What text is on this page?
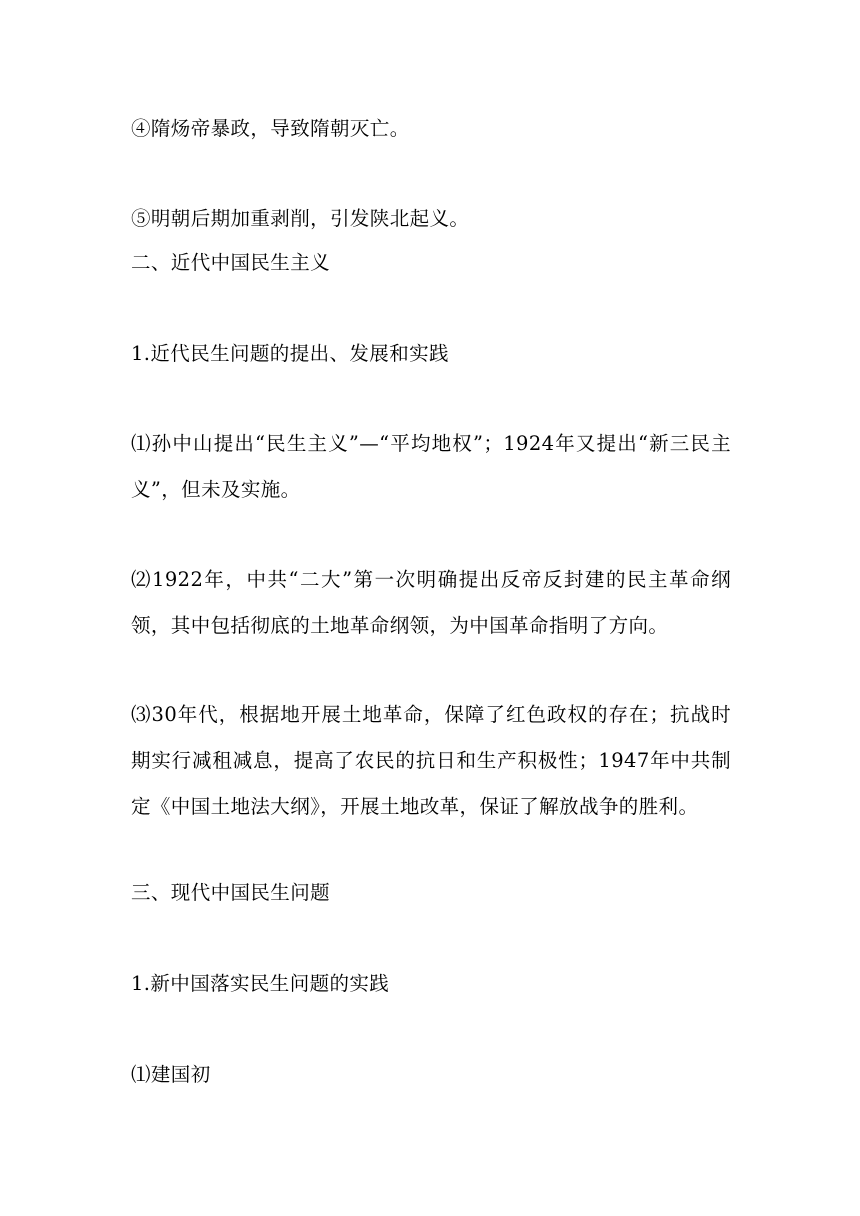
④隋炀帝暴政，导致隋朝灭亡。
⑤明朝后期加重剥削，引发陕北起义。
二、近代中国民生主义
1.近代民生问题的提出、发展和实践
⑴孙中山提出“民生主义”—“平均地权”；1924年又提出“新三民主义”，但未及实施。
⑵1922年，中共“二大”第一次明确提出反帝反封建的民主革命纲领，其中包括彻底的土地革命纲领，为中国革命指明了方向。
⑶30年代，根据地开展土地革命，保障了红色政权的存在；抗战时期实行减租减息，提高了农民的抗日和生产积极性；1947年中共制定《中国土地法大纲》，开展土地改革，保证了解放战争的胜利。
三、现代中国民生问题
1.新中国落实民生问题的实践
⑴建国初
